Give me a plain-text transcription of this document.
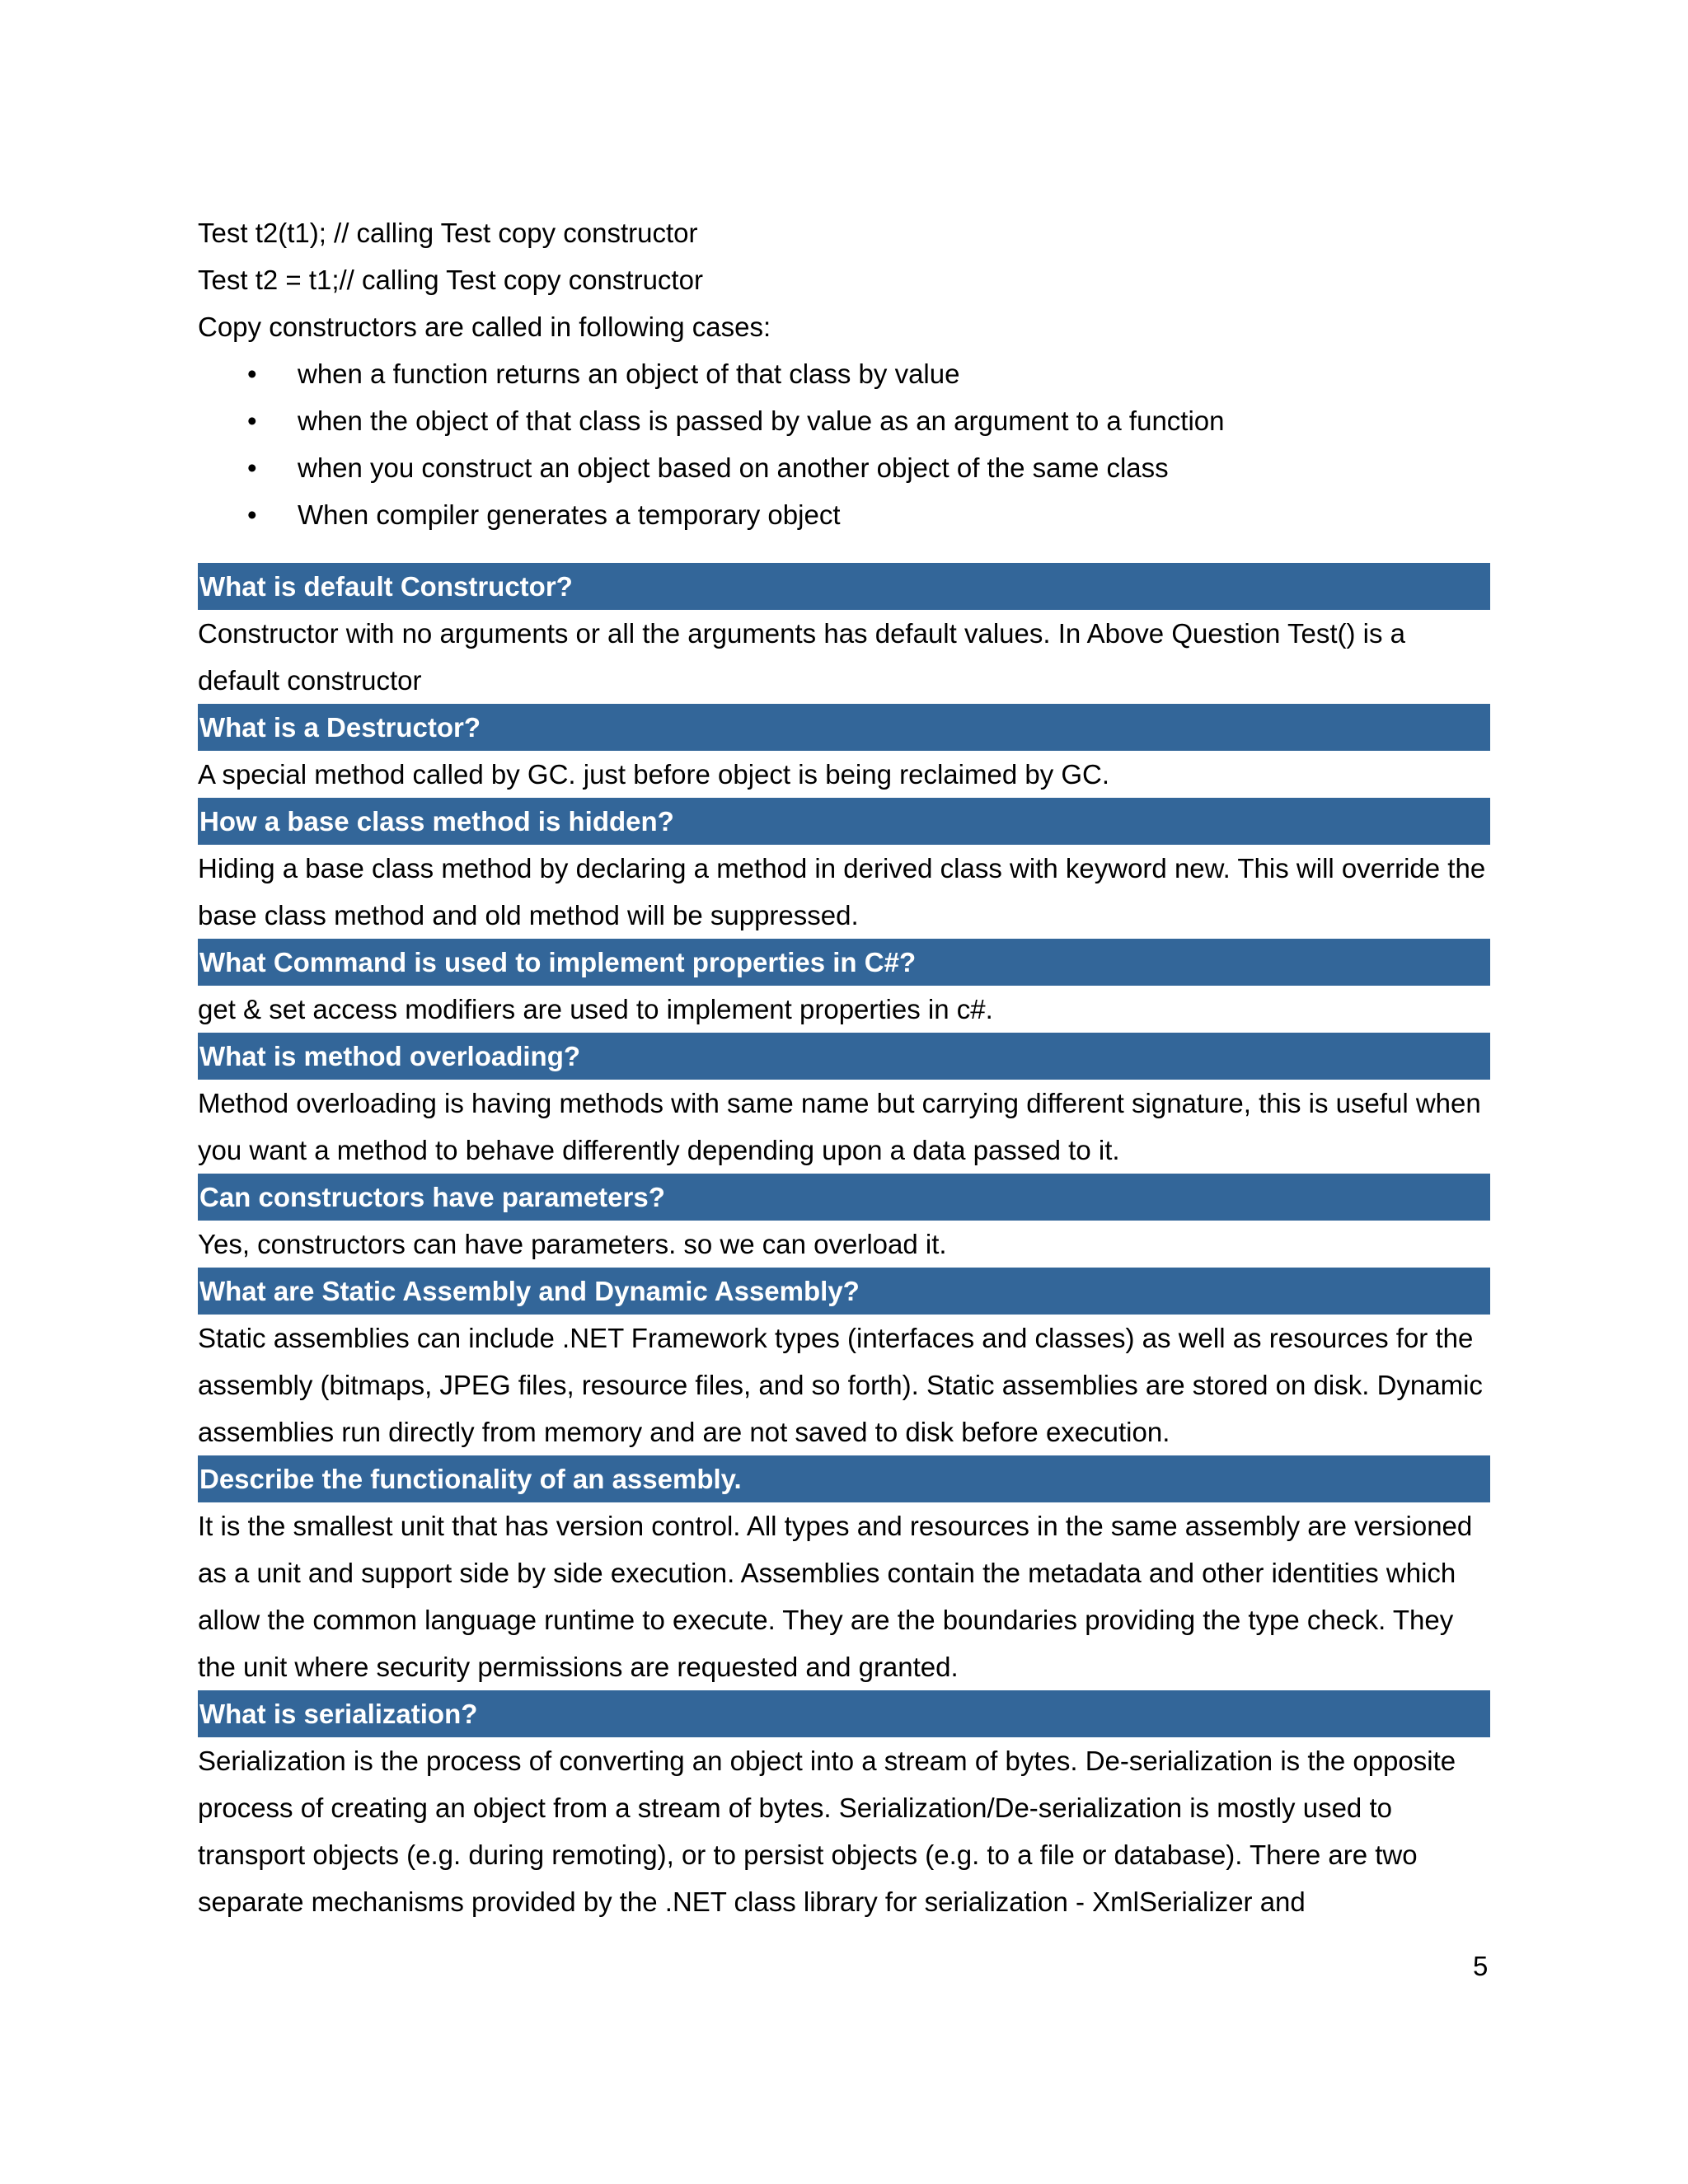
Test t2(t1); // calling Test copy constructor
Test t2 = t1;// calling Test copy constructor
Copy constructors are called in following cases:
• when a function returns an object of that class by value
• when the object of that class is passed by value as an argument to a function
• when you construct an object based on another object of the same class
• When compiler generates a temporary object
What is default Constructor?
Constructor with no arguments or all the arguments has default values. In Above Question Test() is a default constructor
What is a Destructor?
A special method called by GC. just before object is being reclaimed by GC.
How a base class method is hidden?
Hiding a base class method by declaring a method in derived class with keyword new. This will override the base class method and old method will be suppressed.
What Command is used to implement properties in C#?
get & set access modifiers are used to implement properties in c#.
What is method overloading?
Method overloading is having methods with same name but carrying different signature, this is useful when you want a method to behave differently depending upon a data passed to it.
Can constructors have parameters?
Yes, constructors can have parameters. so we can overload it.
What are Static Assembly and Dynamic Assembly?
Static assemblies can include .NET Framework types (interfaces and classes) as well as resources for the assembly (bitmaps, JPEG files, resource files, and so forth). Static assemblies are stored on disk. Dynamic assemblies run directly from memory and are not saved to disk before execution.
Describe the functionality of an assembly.
It is the smallest unit that has version control. All types and resources in the same assembly are versioned as a unit and support side by side execution. Assemblies contain the metadata and other identities which allow the common language runtime to execute. They are the boundaries providing the type check. They the unit where security permissions are requested and granted.
What is serialization?
Serialization is the process of converting an object into a stream of bytes. De-serialization is the opposite process of creating an object from a stream of bytes. Serialization/De-serialization is mostly used to transport objects (e.g. during remoting), or to persist objects (e.g. to a file or database). There are two separate mechanisms provided by the .NET class library for serialization - XmlSerializer and
5
